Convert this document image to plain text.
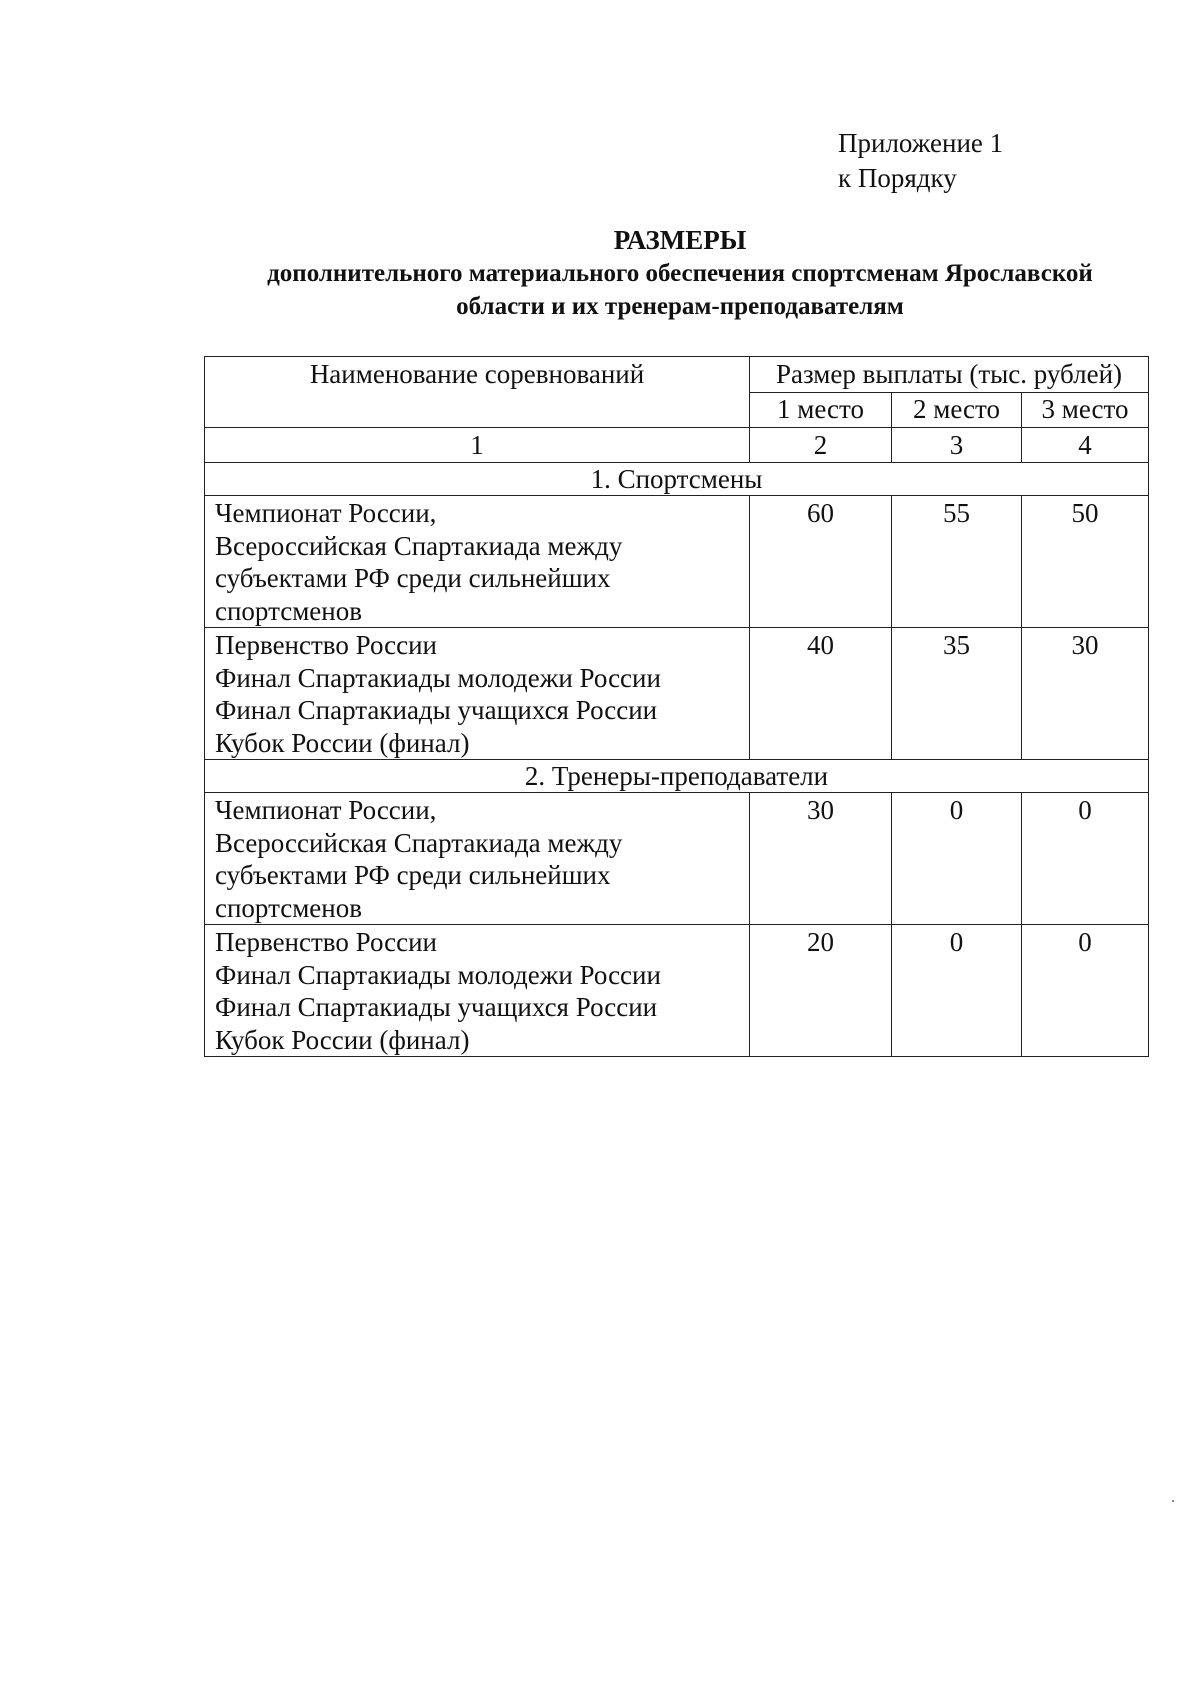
Приложение 1
к Порядку
РАЗМЕРЫ
дополнительного материального обеспечения спортсменам Ярославской
области и их тренерам-преподавателям
Наименование соревнований	Размер выплаты (тыс. рублей)		
	1 место	2 место	3 место
1	2	3	4
1. Спортсмены			

Чемпионат России,
Всероссийская Спартакиада между
субъектами РФ среди сильнейших
спортсменов	60	55	50

Первенство России
Финал Спартакиады молодежи России
Финал Спартакиады учащихся России
Кубок России (финал)	40	35	30
2. Тренеры-преподаватели			

Чемпионат России,
Всероссийская Спартакиада между
субъектами РФ среди сильнейших
спортсменов	30	0	0

Первенство России
Финал Спартакиады молодежи России
Финал Спартакиады учащихся России
Кубок России (финал)	20	0	0
